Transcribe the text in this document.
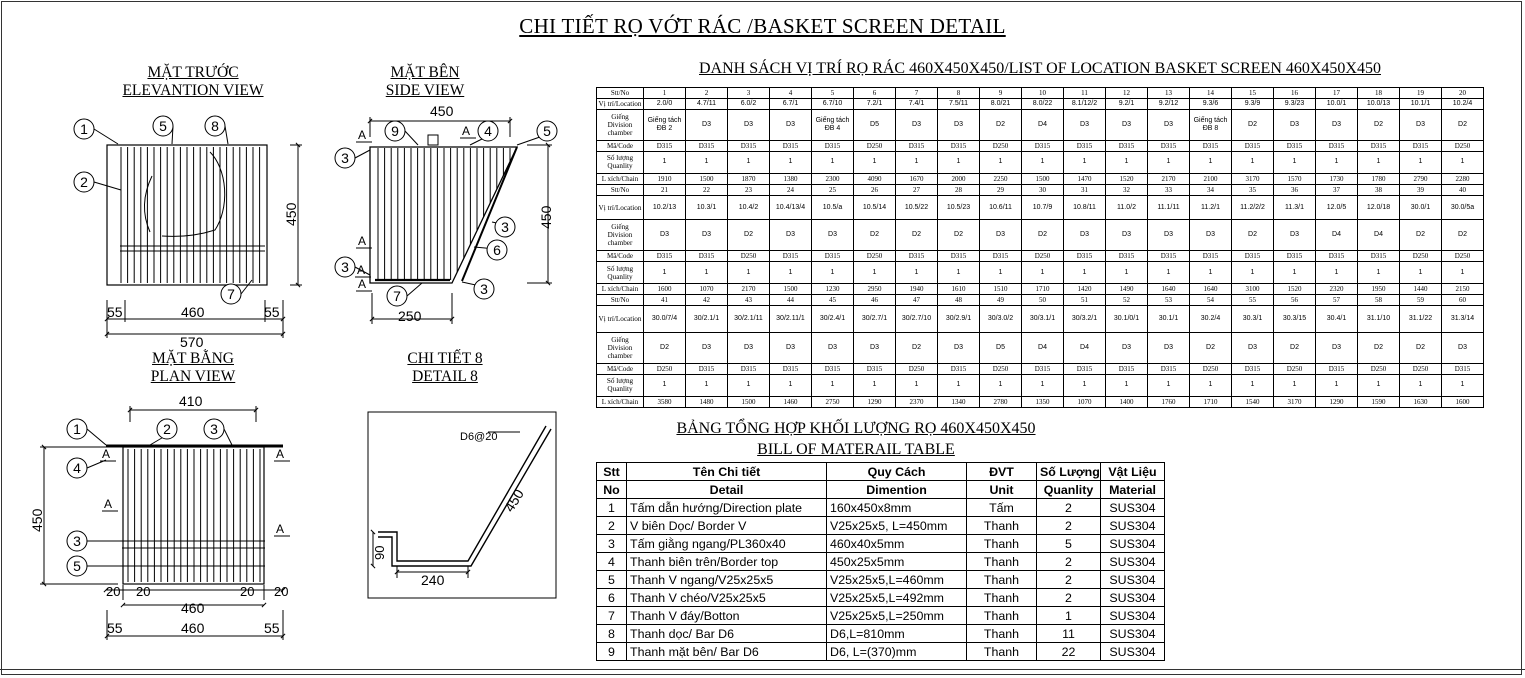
CHI TIẾT RỌ VỚT RÁC /BASKET SCREEN DETAIL
MẶT TRƯỚC
ELEVANTION VIEW
MẶT BÊN
SIDE VIEW
MẶT BẰNG
PLAN VIEW
CHI TIẾT 8
DETAIL 8
450
55	460	55
570
450
450
250
410
450
20 20	20 20
460
55	460	55
D6@20
90
240
450
1
2
5	8
7
9	4	5
3
3
6
3
7	3
1	2	3
4
3
5
A	A
A
A
A
A	A
A
A
DANH SÁCH VỊ TRÍ RỌ RÁC 460X450X450/LIST OF LOCATION BASKET SCREEN 460X450X450
Stt/No	1	2	3	4	5	6	7	8	9	10	11	12	13	14	15	16	17	18	19	20
Vị trí/Location	2.0/0	4.7/11	6.0/2	6.7/1	6.7/10	7.2/1	7.4/1	7.5/11	8.0/21	8.0/22	8.1/12/2	9.2/1	9.2/12	9.3/6	9.3/9	9.3/23	10.0/1	10.0/13	10.1/1	10.2/4
Giếng
Division chamber	Giếng tách ĐB 2	D3	D3	D3	Giếng tách ĐB 4	D5	D3	D3	D2	D4	D3	D3	D3	Giếng tách ĐB 8	D2	D3	D3	D2	D3	D2
Mã/Code	D315	D315	D315	D315	D315	D250	D315	D315	D250	D315	D315	D315	D315	D315	D315	D315	D315	D315	D315	D250
Số lượng
Quanlity	1	1	1	1	1	1	1	1	1	1	1	1	1	1	1	1	1	1	1	1
L xích/Chain	1910	1500	1870	1380	2300	4090	1670	2000	2250	1500	1470	1520	2170	2100	3170	1570	1730	1780	2790	2280
Stt/No	21	22	23	24	25	26	27	28	29	30	31	32	33	34	35	36	37	38	39	40
Vị trí/Location	10.2/13	10.3/1	10.4/2	10.4/13/4	10.5/a	10.5/14	10.5/22	10.5/23	10.6/11	10.7/9	10.8/11	11.0/2	11.1/11	11.2/1	11.2/2/2	11.3/1	12.0/5	12.0/18	30.0/1	30.0/5a
Giếng
Division chamber	D3	D3	D2	D3	D3	D2	D2	D2	D3	D2	D3	D3	D3	D3	D2	D3	D4	D4	D2	D2
Mã/Code	D315	D315	D250	D315	D315	D250	D315	D315	D315	D250	D315	D315	D315	D315	D315	D315	D315	D315	D250	D250
Số lượng
Quanlity	1	1	1	1	1	1	1	1	1	1	1	1	1	1	1	1	1	1	1	1
L xích/Chain	1600	1070	2170	1500	1230	2950	1940	1610	1510	1710	1420	1490	1640	1640	3100	1520	2320	1950	1440	2150
Stt/No	41	42	43	44	45	46	47	48	49	50	51	52	53	54	55	56	57	58	59	60
Vị trí/Location	30.0/7/4	30/2.1/1	30/2.1/11	30/2.11/1	30/2.4/1	30/2.7/1	30/2.7/10	30/2.9/1	30/3.0/2	30/3.1/1	30/3.2/1	30.1/0/1	30.1/1	30.2/4	30.3/1	30.3/15	30.4/1	31.1/10	31.1/22	31.3/14
Giếng
Division chamber	D2	D3	D3	D3	D3	D3	D2	D3	D5	D4	D4	D3	D3	D2	D3	D2	D3	D2	D2	D3
Mã/Code	D250	D315	D315	D315	D315	D315	D250	D315	D250	D315	D315	D315	D315	D250	D315	D250	D315	D250	D250	D315
Số lượng
Quanlity	1	1	1	1	1	1	1	1	1	1	1	1	1	1	1	1	1	1	1	1
L xích/Chain	3580	1480	1500	1460	2750	1290	2370	1340	2780	1350	1070	1400	1760	1710	1540	3170	1290	1590	1630	1600
BẢNG TỔNG HỢP KHỐI LƯỢNG RỌ 460X450X450
BILL OF MATERAIL TABLE
Stt	Tên Chi tiết	Quy Cách	ĐVT	Số Lượng	Vật Liệu
No	Detail	Dimention	Unit	Quanlity	Material
1	Tấm dẫn hướng/Direction plate	160x450x8mm	Tấm	2	SUS304
2	V biên Dọc/ Border V	V25x25x5, L=450mm	Thanh	2	SUS304
3	Tấm giằng ngang/PL360x40	460x40x5mm	Thanh	5	SUS304
4	Thanh biên trên/Border top	450x25x5mm	Thanh	2	SUS304
5	Thanh V ngang/V25x25x5	V25x25x5,L=460mm	Thanh	2	SUS304
6	Thanh V chéo/V25x25x5	V25x25x5,L=492mm	Thanh	2	SUS304
7	Thanh V đáy/Botton	V25x25x5,L=250mm	Thanh	1	SUS304
8	Thanh dọc/ Bar D6	D6,L=810mm	Thanh	11	SUS304
9	Thanh mặt bên/ Bar D6	D6, L=(370)mm	Thanh	22	SUS304
